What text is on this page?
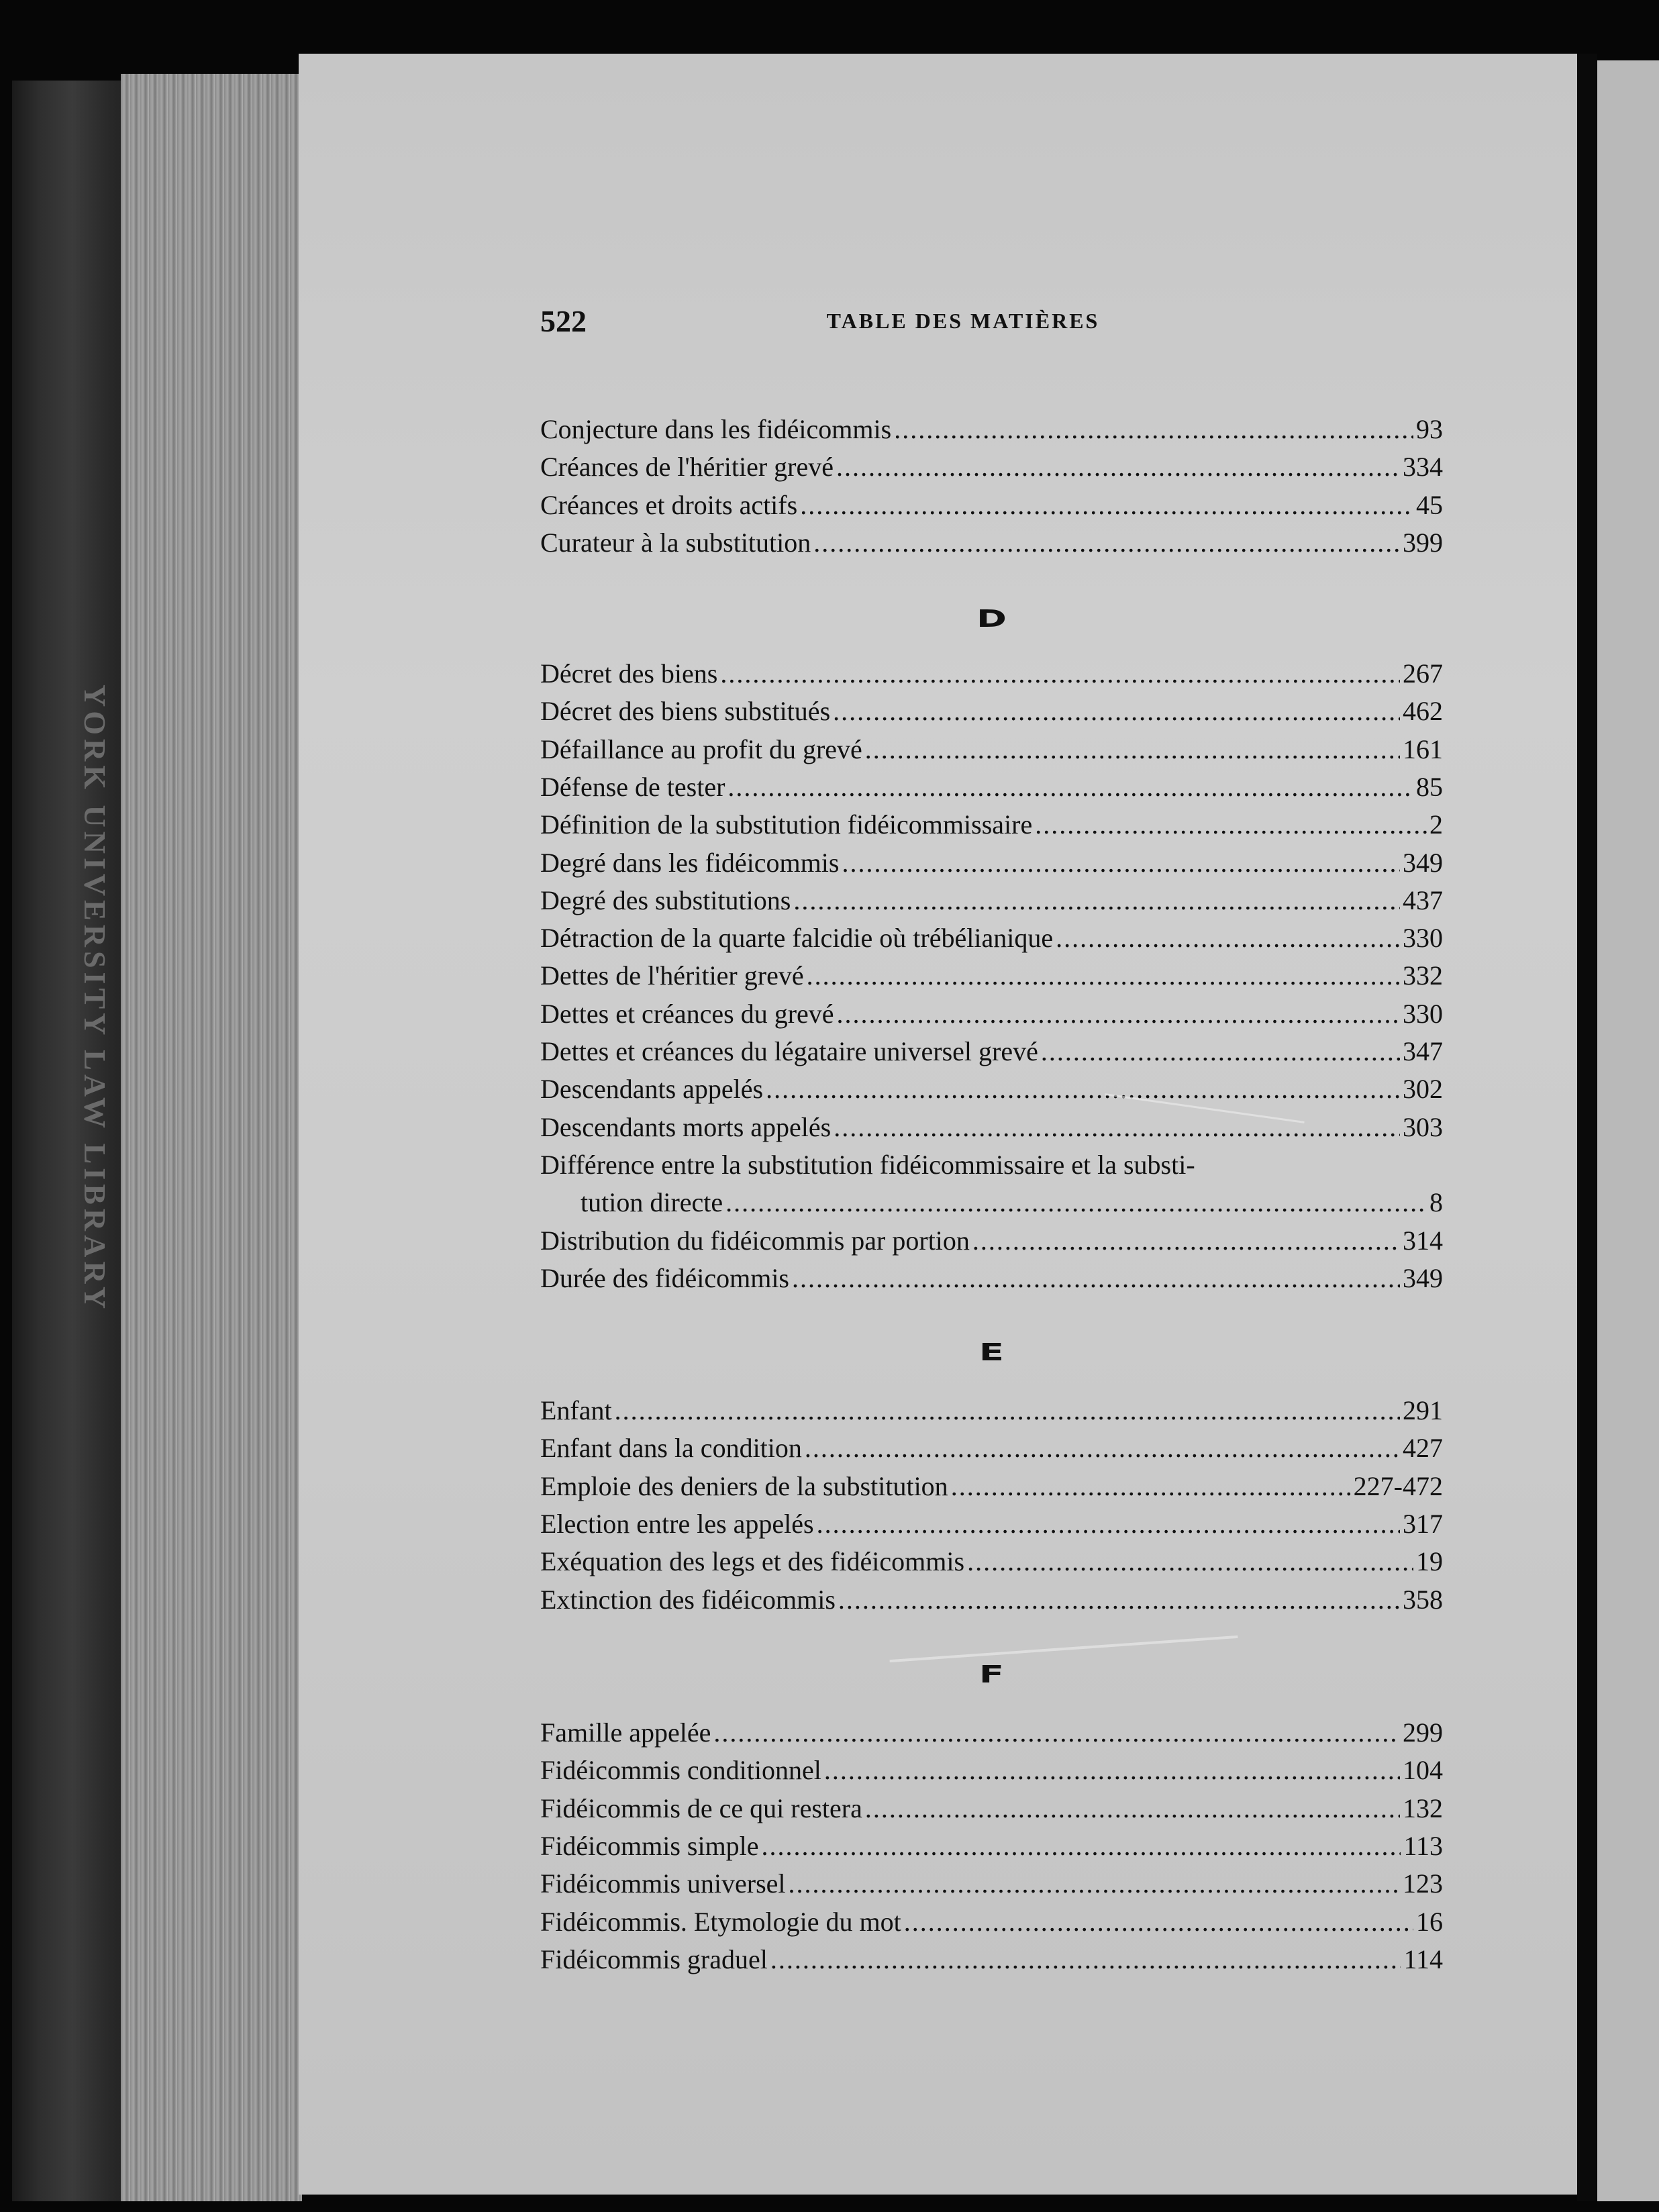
YORK UNIVERSITY LAW LIBRARY
522	TABLE DES MATIÈRES
Conjecture dans les fidéicommis .....	93
Créances de l'héritier grevé .....	334
Créances et droits actifs .....	45
Curateur à la substitution .....	399
D
Décret des biens .....	267
Décret des biens substitués .....	462
Défaillance au profit du grevé .....	161
Défense de tester .....	85
Définition de la substitution fidéicommissaire .....	2
Degré dans les fidéicommis .....	349
Degré des substitutions .....	437
Détraction de la quarte falcidie où trébélianique .....	330
Dettes de l'héritier grevé .....	332
Dettes et créances du grevé .....	330
Dettes et créances du légataire universel grevé .....	347
Descendants appelés .....	302
Descendants morts appelés .....	303
Différence entre la substitution fidéicommissaire et la substi-
tution directe .....	8
Distribution du fidéicommis par portion .....	314
Durée des fidéicommis .....	349
E
Enfant .....	291
Enfant dans la condition .....	427
Emploie des deniers de la substitution .....	227-472
Election entre les appelés .....	317
Exéquation des legs et des fidéicommis .....	19
Extinction des fidéicommis .....	358
F
Famille appelée .....	299
Fidéicommis conditionnel .....	104
Fidéicommis de ce qui restera .....	132
Fidéicommis simple .....	113
Fidéicommis universel .....	123
Fidéicommis. Etymologie du mot .....	16
Fidéicommis graduel .....	114
